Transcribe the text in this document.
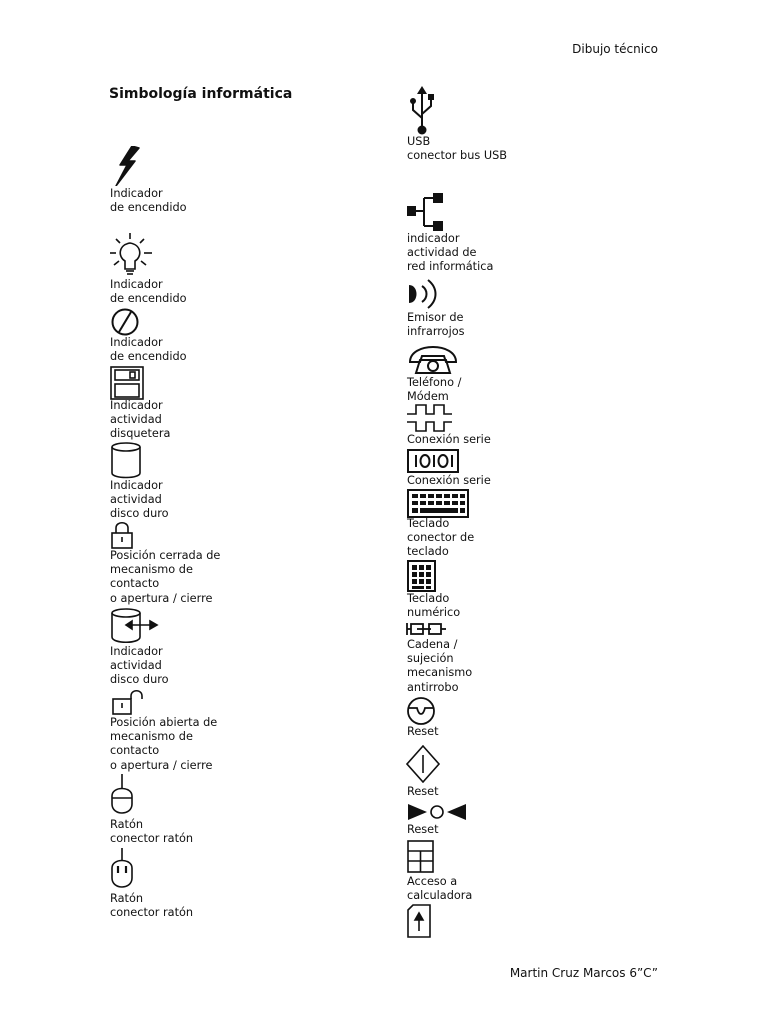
Dibujo técnico
Simbología informática

Indicador
de encendido

Indicador
de encendido

Indicador
de encendido

Indicador
actividad
disquetera

Indicador
actividad
disco duro

Posición cerrada de
mecanismo de
contacto
o apertura / cierre

Indicador
actividad
disco duro

Posición abierta de
mecanismo de
contacto
o apertura / cierre

Ratón
conector ratón

Ratón
conector ratón

USB
conector bus USB

indicador
actividad de
red informática

Emisor de
infrarrojos

Teléfono /
Módem

Conexión serie

Conexión serie

Teclado
conector de
teclado

Teclado
numérico

Cadena /
sujeción
mecanismo
antirrobo

Reset

Reset

Reset

Acceso a
calculadora

Martin Cruz Marcos 6”C”
